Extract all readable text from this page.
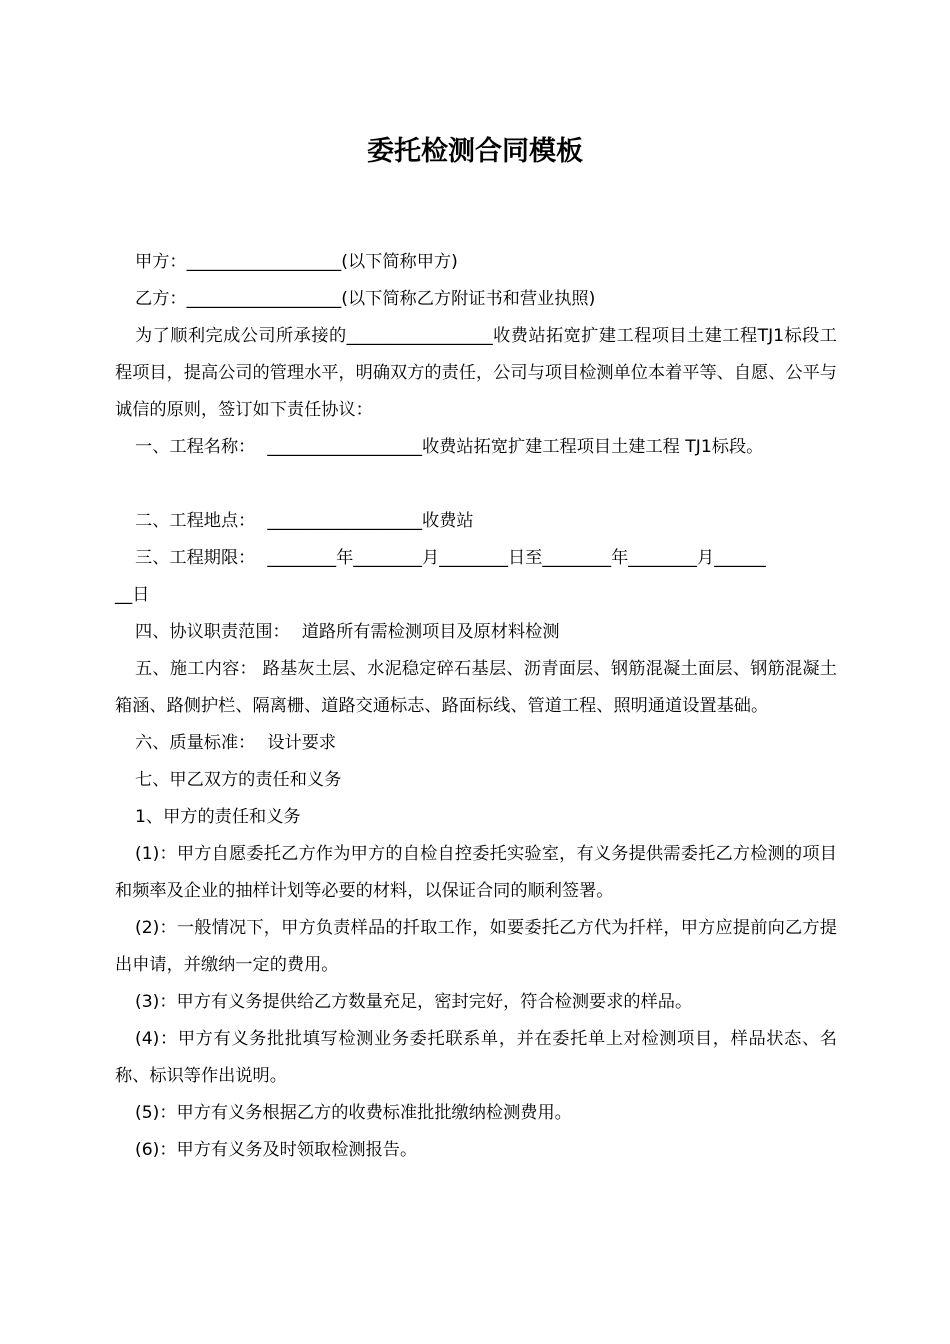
委托检测合同模板

甲方：__________________(以下简称甲方)

乙方：__________________(以下简称乙方附证书和营业执照)

为了顺利完成公司所承接的_________________收费站拓宽扩建工程项目土建工程TJ1标段工程项目，提高公司的管理水平，明确双方的责任，公司与项目检测单位本着平等、自愿、公平与诚信的原则，签订如下责任协议：

一、工程名称： __________________收费站拓宽扩建工程项目土建工程 TJ1标段。

二、工程地点： __________________收费站

三、工程期限： ________年________月________日至________年________月______

__日

四、协议职责范围： 道路所有需检测项目及原材料检测

五、施工内容： 路基灰土层、水泥稳定碎石基层、沥青面层、钢筋混凝土面层、钢筋混凝土箱涵、路侧护栏、隔离栅、道路交通标志、路面标线、管道工程、照明通道设置基础。

六、质量标准： 设计要求

七、甲乙双方的责任和义务

1、甲方的责任和义务

(1)：甲方自愿委托乙方作为甲方的自检自控委托实验室，有义务提供需委托乙方检测的项目和频率及企业的抽样计划等必要的材料，以保证合同的顺利签署。

(2)：一般情况下，甲方负责样品的扦取工作，如要委托乙方代为扦样，甲方应提前向乙方提出申请，并缴纳一定的费用。

(3)：甲方有义务提供给乙方数量充足，密封完好，符合检测要求的样品。

(4)：甲方有义务批批填写检测业务委托联系单，并在委托单上对检测项目，样品状态、名称、标识等作出说明。

(5)：甲方有义务根据乙方的收费标准批批缴纳检测费用。

(6)：甲方有义务及时领取检测报告。
